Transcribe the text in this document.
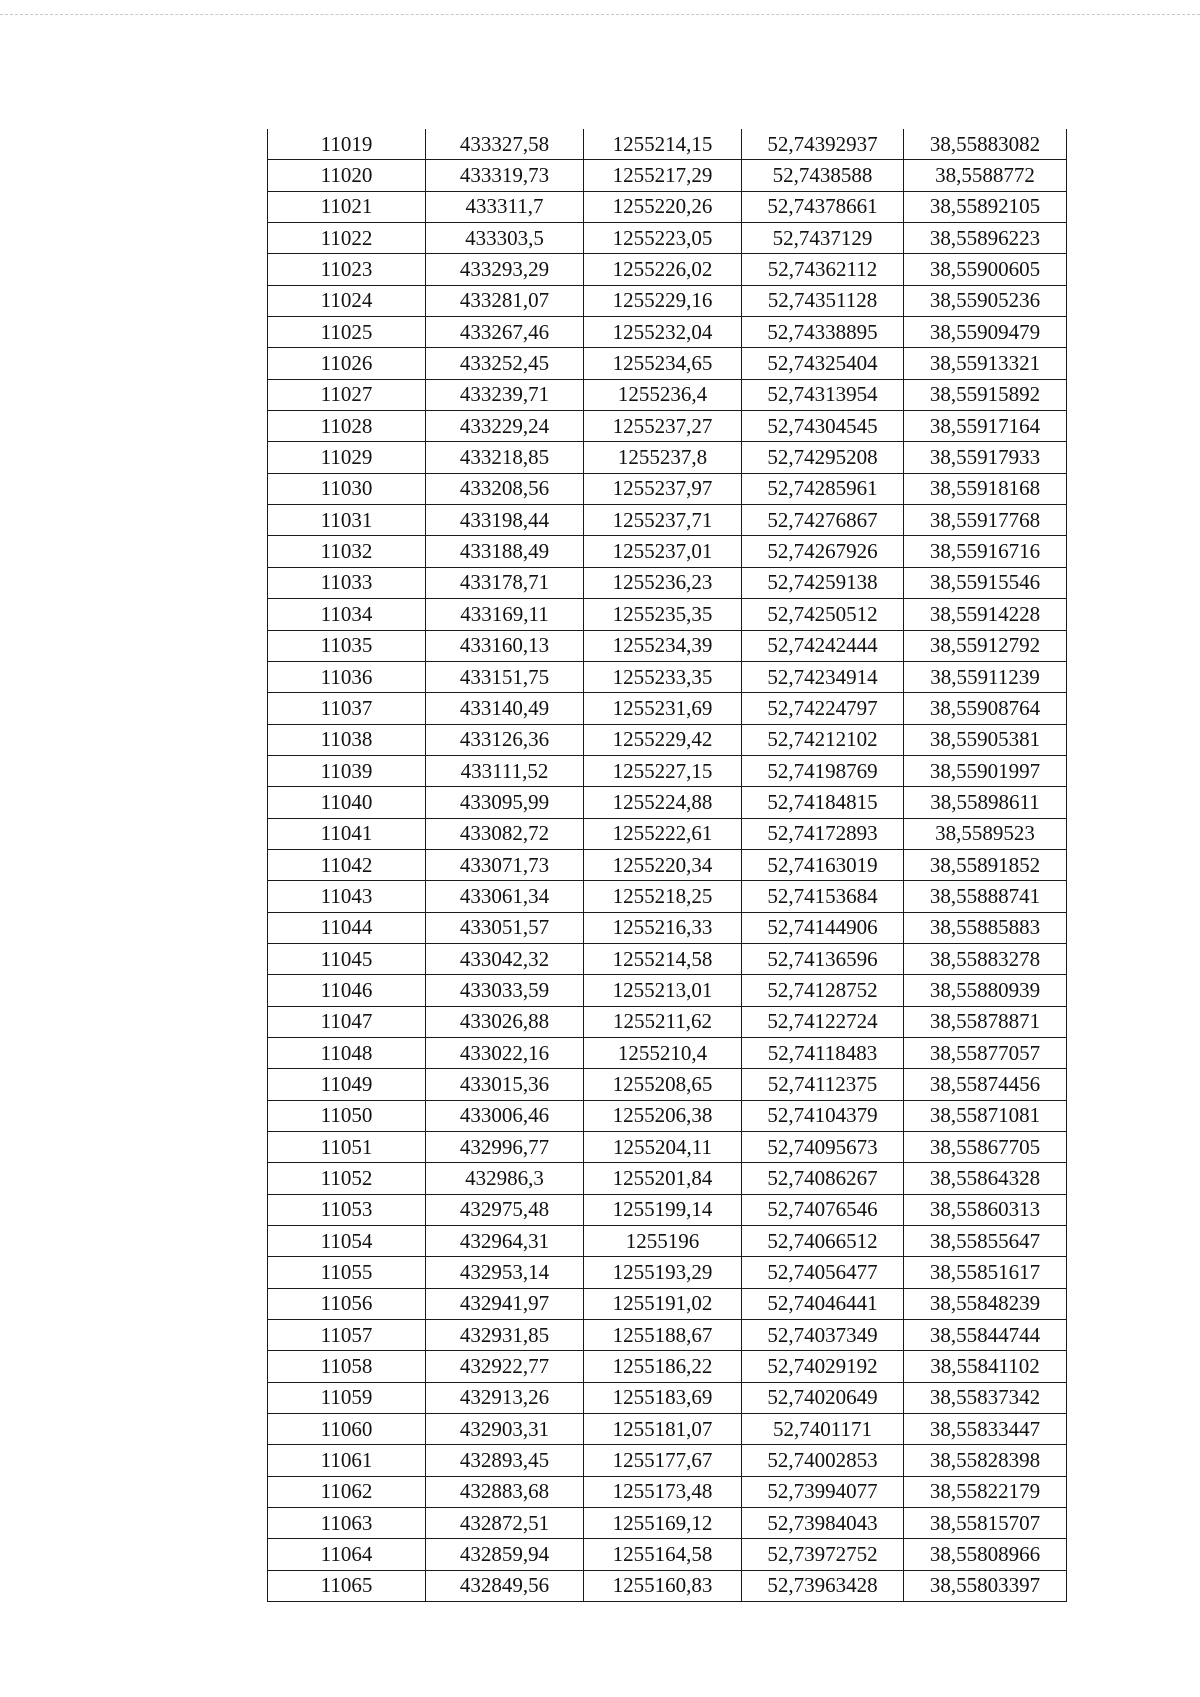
11019	433327,58	1255214,15	52,74392937	38,55883082
11020	433319,73	1255217,29	52,7438588	38,5588772
11021	433311,7	1255220,26	52,74378661	38,55892105
11022	433303,5	1255223,05	52,7437129	38,55896223
11023	433293,29	1255226,02	52,74362112	38,55900605
11024	433281,07	1255229,16	52,74351128	38,55905236
11025	433267,46	1255232,04	52,74338895	38,55909479
11026	433252,45	1255234,65	52,74325404	38,55913321
11027	433239,71	1255236,4	52,74313954	38,55915892
11028	433229,24	1255237,27	52,74304545	38,55917164
11029	433218,85	1255237,8	52,74295208	38,55917933
11030	433208,56	1255237,97	52,74285961	38,55918168
11031	433198,44	1255237,71	52,74276867	38,55917768
11032	433188,49	1255237,01	52,74267926	38,55916716
11033	433178,71	1255236,23	52,74259138	38,55915546
11034	433169,11	1255235,35	52,74250512	38,55914228
11035	433160,13	1255234,39	52,74242444	38,55912792
11036	433151,75	1255233,35	52,74234914	38,55911239
11037	433140,49	1255231,69	52,74224797	38,55908764
11038	433126,36	1255229,42	52,74212102	38,55905381
11039	433111,52	1255227,15	52,74198769	38,55901997
11040	433095,99	1255224,88	52,74184815	38,55898611
11041	433082,72	1255222,61	52,74172893	38,5589523
11042	433071,73	1255220,34	52,74163019	38,55891852
11043	433061,34	1255218,25	52,74153684	38,55888741
11044	433051,57	1255216,33	52,74144906	38,55885883
11045	433042,32	1255214,58	52,74136596	38,55883278
11046	433033,59	1255213,01	52,74128752	38,55880939
11047	433026,88	1255211,62	52,74122724	38,55878871
11048	433022,16	1255210,4	52,74118483	38,55877057
11049	433015,36	1255208,65	52,74112375	38,55874456
11050	433006,46	1255206,38	52,74104379	38,55871081
11051	432996,77	1255204,11	52,74095673	38,55867705
11052	432986,3	1255201,84	52,74086267	38,55864328
11053	432975,48	1255199,14	52,74076546	38,55860313
11054	432964,31	1255196	52,74066512	38,55855647
11055	432953,14	1255193,29	52,74056477	38,55851617
11056	432941,97	1255191,02	52,74046441	38,55848239
11057	432931,85	1255188,67	52,74037349	38,55844744
11058	432922,77	1255186,22	52,74029192	38,55841102
11059	432913,26	1255183,69	52,74020649	38,55837342
11060	432903,31	1255181,07	52,7401171	38,55833447
11061	432893,45	1255177,67	52,74002853	38,55828398
11062	432883,68	1255173,48	52,73994077	38,55822179
11063	432872,51	1255169,12	52,73984043	38,55815707
11064	432859,94	1255164,58	52,73972752	38,55808966
11065	432849,56	1255160,83	52,73963428	38,55803397
